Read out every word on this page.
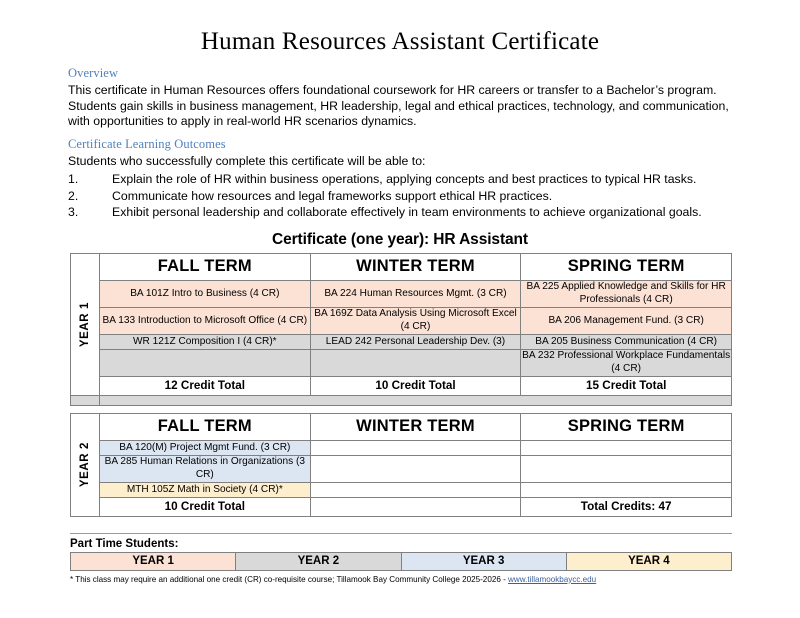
Human Resources Assistant Certificate
Overview

This certificate in Human Resources offers foundational coursework for HR careers or transfer to a Bachelor’s program. Students gain skills in business management, HR leadership, legal and ethical practices, technology, and communication, with opportunities to apply in real-world HR scenarios dynamics.

Certificate Learning Outcomes
Students who successfully complete this certificate will be able to:
1.	Explain the role of HR within business operations, applying concepts and best practices to typical HR tasks.
2.	Communicate how resources and legal frameworks support ethical HR practices.
3.	Exhibit personal leadership and collaborate effectively in team environments to achieve organizational goals.
Certificate (one year): HR Assistant
YEAR 1	FALL TERM	WINTER TERM	SPRING TERM
	BA 101Z Intro to Business (4 CR)	BA 224 Human Resources Mgmt. (3 CR)	BA 225 Applied Knowledge and Skills for HR Professionals (4 CR)
	BA 133 Introduction to Microsoft Office (4 CR)	BA 169Z Data Analysis Using Microsoft Excel (4 CR)	BA 206 Management Fund. (3 CR)
	WR 121Z Composition I (4 CR)*	LEAD 242 Personal Leadership Dev. (3)	BA 205 Business Communication (4 CR)
			BA 232 Professional Workplace Fundamentals (4 CR)
	12 Credit Total	10 Credit Total	15 Credit Total

YEAR 2	FALL TERM	WINTER TERM	SPRING TERM
	BA 120(M) Project Mgmt Fund. (3 CR)		
	BA 285 Human Relations in Organizations (3 CR)		
	MTH 105Z Math in Society (4 CR)*		
	10 Credit Total		Total Credits: 47
Part Time Students:
YEAR 1	YEAR 2	YEAR 3	YEAR 4

* This class may require an additional one credit (CR) co-requisite course; Tillamook Bay Community College 2025-2026 - www.tillamookbaycc.edu
